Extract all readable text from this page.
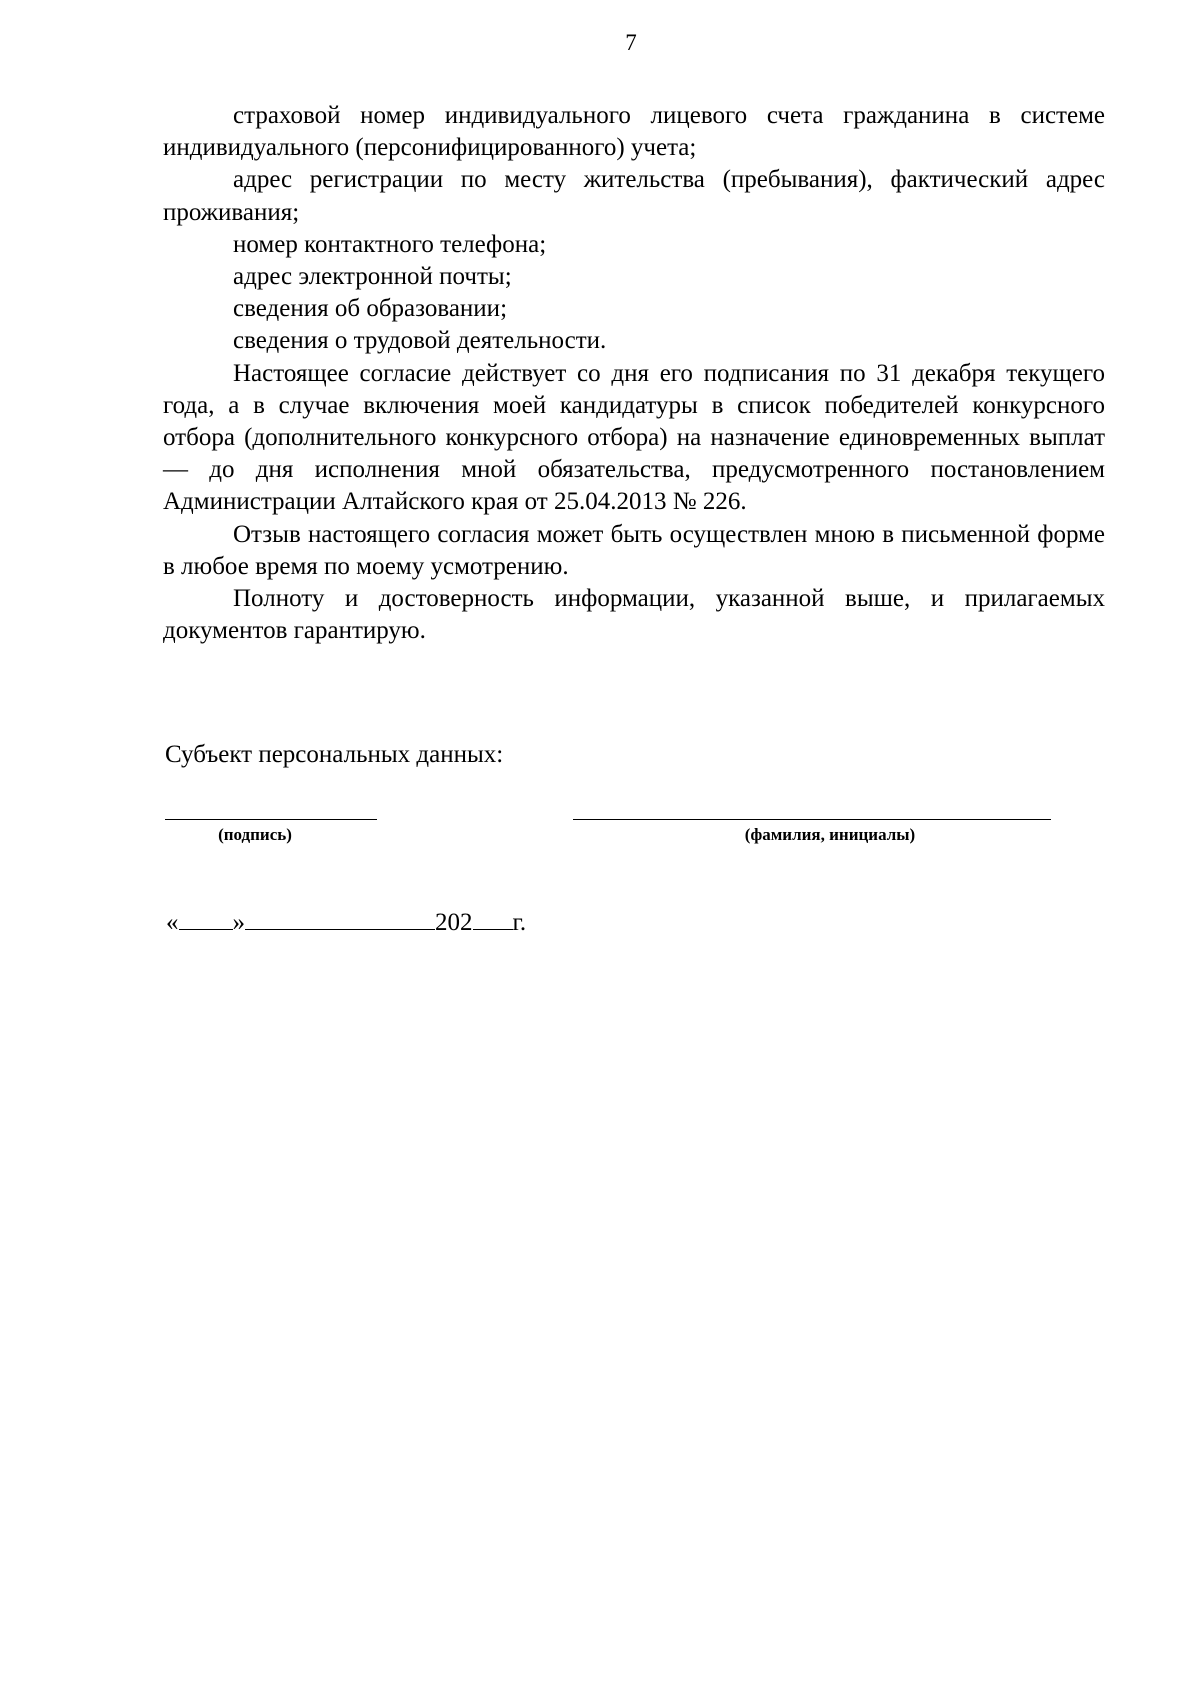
7

страховой номер индивидуального лицевого счета гражданина в системе индивидуального (персонифицированного) учета;

адрес регистрации по месту жительства (пребывания), фактический адрес проживания;

номер контактного телефона;

адрес электронной почты;

сведения об образовании;

сведения о трудовой деятельности.

Настоящее согласие действует со дня его подписания по 31 декабря текущего года, а в случае включения моей кандидатуры в список победителей конкурсного отбора (дополнительного конкурсного отбора) на назначение единовременных выплат — до дня исполнения мной обязательства, предусмотренного постановлением Администрации Алтайского края от 25.04.2013 № 226.

Отзыв настоящего согласия может быть осуществлен мною в письменной форме в любое время по моему усмотрению.

Полноту и достоверность информации, указанной выше, и прилагаемых документов гарантирую.

Субъект персональных данных:
(подпись)	(фамилия, инициалы)
« »	202 г.
